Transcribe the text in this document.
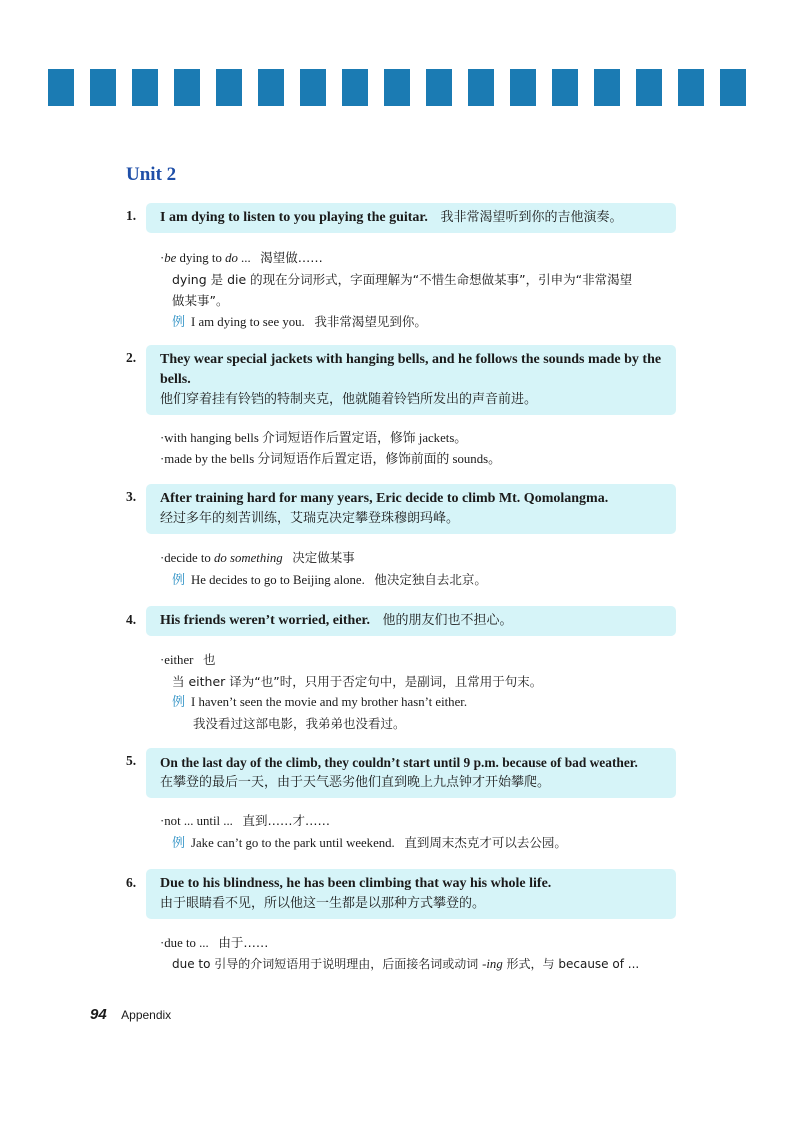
Unit 2
1.	I am dying to listen to you playing the guitar. 我非常渴望听到你的吉他演奏。
·be dying to do ... 渴望做……
dying 是 die 的现在分词形式，字面理解为“不惜生命想做某事”，引申为“非常渴望
做某事”。
例 I am dying to see you. 我非常渴望见到你。
2.	They wear special jackets with hanging bells, and he follows the sounds made by the bells.
他们穿着挂有铃铛的特制夹克，他就随着铃铛所发出的声音前进。
·with hanging bells 介词短语作后置定语，修饰 jackets。
·made by the bells 分词短语作后置定语，修饰前面的 sounds。
3.	After training hard for many years, Eric decide to climb Mt. Qomolangma.
经过多年的刻苦训练，艾瑞克决定攀登珠穆朗玛峰。
·decide to do something 决定做某事
例 He decides to go to Beijing alone. 他决定独自去北京。
4.	His friends weren’t worried, either. 他的朋友们也不担心。
·either 也
当 either 译为“也”时，只用于否定句中，是副词，且常用于句末。
例 I haven’t seen the movie and my brother hasn’t either.
我没看过这部电影，我弟弟也没看过。
5.	On the last day of the climb, they couldn’t start until 9 p.m. because of bad weather.
在攀登的最后一天，由于天气恶劣他们直到晚上九点钟才开始攀爬。
·not ... until ... 直到……才……
例 Jake can’t go to the park until weekend. 直到周末杰克才可以去公园。
6.	Due to his blindness, he has been climbing that way his whole life.
由于眼睛看不见，所以他这一生都是以那种方式攀登的。
·due to ... 由于……
due to 引导的介词短语用于说明理由，后面接名词或动词 -ing 形式，与 because of ...
94 Appendix
